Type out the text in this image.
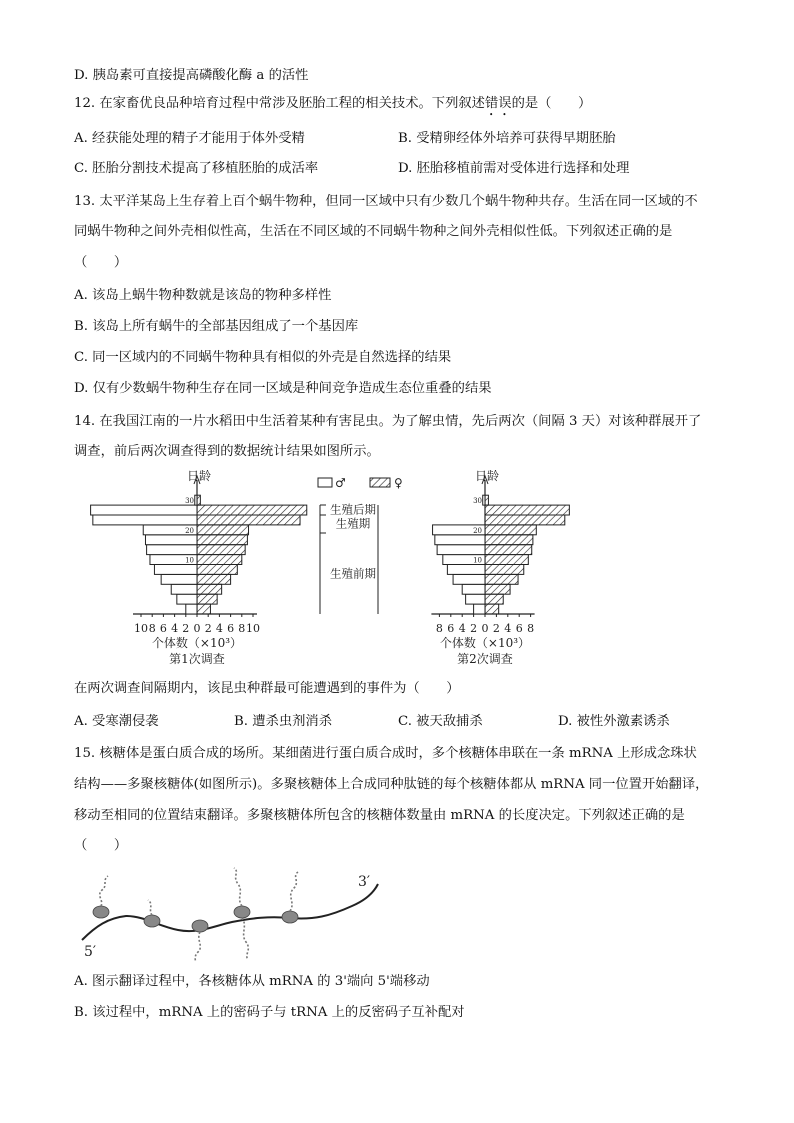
D. 胰岛素可直接提高磷酸化酶 a 的活性
12. 在家畜优良品种培育过程中常涉及胚胎工程的相关技术。下列叙述错误的是（　　）
A. 经获能处理的精子才能用于体外受精	B. 受精卵经体外培养可获得早期胚胎
C. 胚胎分割技术提高了移植胚胎的成活率	D. 胚胎移植前需对受体进行选择和处理
13. 太平洋某岛上生存着上百个蜗牛物种，但同一区域中只有少数几个蜗牛物种共存。生活在同一区域的不
同蜗牛物种之间外壳相似性高，生活在不同区域的不同蜗牛物种之间外壳相似性低。下列叙述正确的是
（　　）
A. 该岛上蜗牛物种数就是该岛的物种多样性
B. 该岛上所有蜗牛的全部基因组成了一个基因库
C. 同一区域内的不同蜗牛物种具有相似的外壳是自然选择的结果
D. 仅有少数蜗牛物种生存在同一区域是种间竞争造成生态位重叠的结果
14. 在我国江南的一片水稻田中生活着某种有害昆虫。为了解虫情，先后两次（间隔 3 天）对该种群展开了
调查，前后两次调查得到的数据统计结果如图所示。
日龄
10 8 6 4 2 0 2 4 6 8 10
10
20
30
个体数（×10³）
第1次调查
日龄
8 6 4 2 0 2 4 6 8
10
20
30
个体数（×10³）
第2次调查
♂	♀
生殖后期
生殖期
生殖前期
在两次调查间隔期内，该昆虫种群最可能遭遇到的事件为（　　）
A. 受寒潮侵袭	B. 遭杀虫剂消杀	C. 被天敌捕杀	D. 被性外激素诱杀
15. 核糖体是蛋白质合成的场所。某细菌进行蛋白质合成时，多个核糖体串联在一条 mRNA 上形成念珠状
结构——多聚核糖体(如图所示)。多聚核糖体上合成同种肽链的每个核糖体都从 mRNA 同一位置开始翻译，
移动至相同的位置结束翻译。多聚核糖体所包含的核糖体数量由 mRNA 的长度决定。下列叙述正确的是
（　　）
3′
5′
A. 图示翻译过程中，各核糖体从 mRNA 的 3'端向 5'端移动
B. 该过程中，mRNA 上的密码子与 tRNA 上的反密码子互补配对
